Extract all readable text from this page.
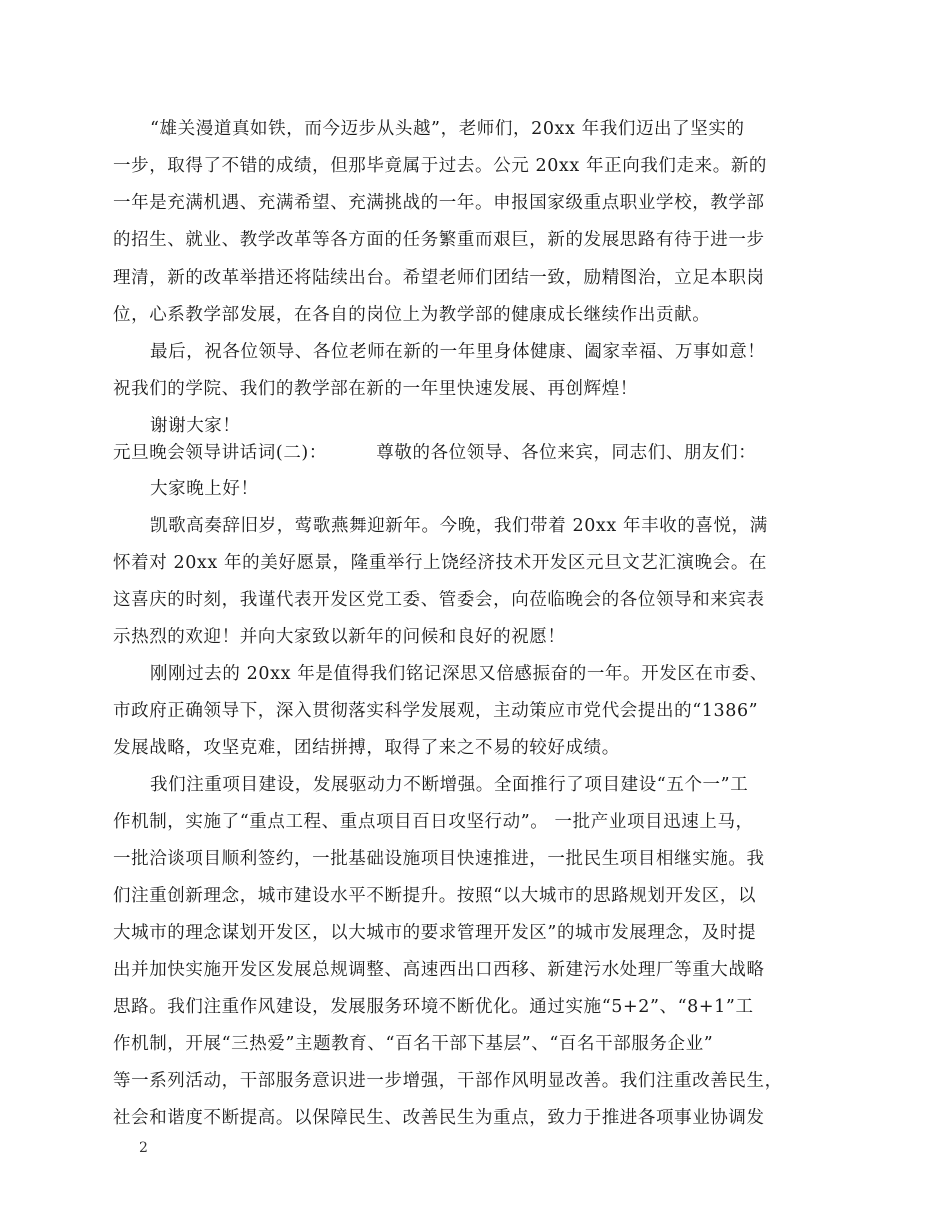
“雄关漫道真如铁，而今迈步从头越”，老师们，20xx 年我们迈出了坚实的
一步，取得了不错的成绩，但那毕竟属于过去。公元 20xx 年正向我们走来。新的
一年是充满机遇、充满希望、充满挑战的一年。申报国家级重点职业学校，教学部
的招生、就业、教学改革等各方面的任务繁重而艰巨，新的发展思路有待于进一步
理清，新的改革举措还将陆续出台。希望老师们团结一致，励精图治，立足本职岗
位，心系教学部发展，在各自的岗位上为教学部的健康成长继续作出贡献。
最后，祝各位领导、各位老师在新的一年里身体健康、阖家幸福、万事如意！
祝我们的学院、我们的教学部在新的一年里快速发展、再创辉煌！
谢谢大家！
元旦晚会领导讲话词(二)：        尊敬的各位领导、各位来宾，同志们、朋友们：
大家晚上好！
凯歌高奏辞旧岁，莺歌燕舞迎新年。今晚，我们带着 20xx 年丰收的喜悦，满
怀着对 20xx 年的美好愿景，隆重举行上饶经济技术开发区元旦文艺汇演晚会。在
这喜庆的时刻，我谨代表开发区党工委、管委会，向莅临晚会的各位领导和来宾表
示热烈的欢迎！并向大家致以新年的问候和良好的祝愿！
刚刚过去的 20xx 年是值得我们铭记深思又倍感振奋的一年。开发区在市委、
市政府正确领导下，深入贯彻落实科学发展观，主动策应市党代会提出的“1386”
发展战略，攻坚克难，团结拼搏，取得了来之不易的较好成绩。
我们注重项目建设，发展驱动力不断增强。全面推行了项目建设“五个一”工
作机制，实施了“重点工程、重点项目百日攻坚行动”。 一批产业项目迅速上马，
一批洽谈项目顺利签约，一批基础设施项目快速推进，一批民生项目相继实施。我
们注重创新理念，城市建设水平不断提升。按照“以大城市的思路规划开发区，以
大城市的理念谋划开发区，以大城市的要求管理开发区”的城市发展理念，及时提
出并加快实施开发区发展总规调整、高速西出口西移、新建污水处理厂等重大战略
思路。我们注重作风建设，发展服务环境不断优化。通过实施“5+2”、“8+1”工
作机制，开展“三热爱”主题教育、“百名干部下基层”、“百名干部服务企业”
等一系列活动，干部服务意识进一步增强，干部作风明显改善。我们注重改善民生，
社会和谐度不断提高。以保障民生、改善民生为重点，致力于推进各项事业协调发
2
